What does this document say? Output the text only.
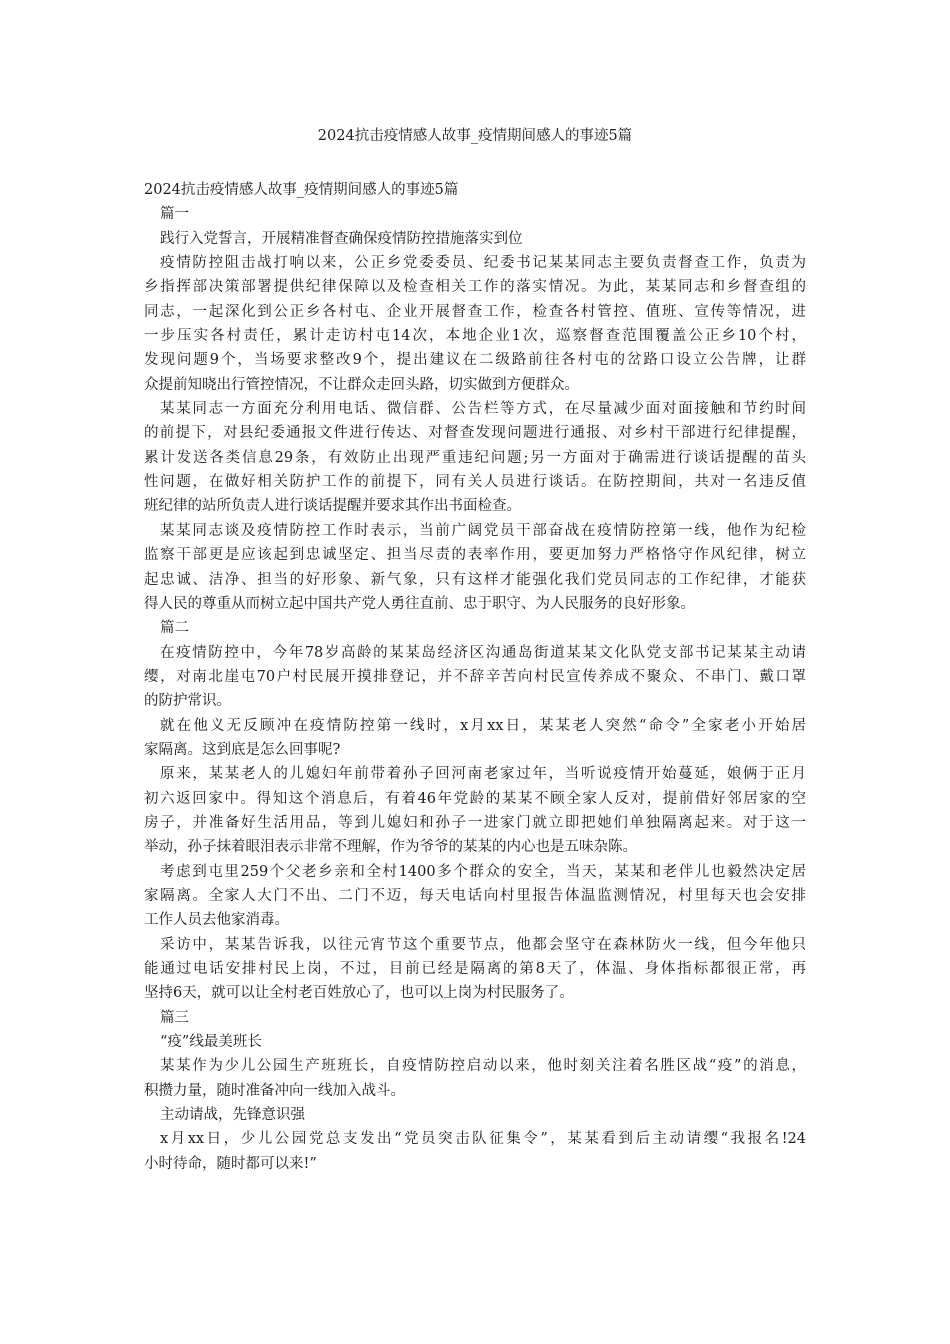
2024抗击疫情感人故事_疫情期间感人的事迹5篇
2024抗击疫情感人故事_疫情期间感人的事迹5篇
篇一
践行入党誓言，开展精准督查确保疫情防控措施落实到位
疫情防控阻击战打响以来，公正乡党委委员、纪委书记某某同志主要负责督查工作，负责为
乡指挥部决策部署提供纪律保障以及检查相关工作的落实情况。为此，某某同志和乡督查组的
同志，一起深化到公正乡各村屯、企业开展督查工作，检查各村管控、值班、宣传等情况，进
一步压实各村责任，累计走访村屯14次，本地企业1次，巡察督查范围覆盖公正乡10个村，
发现问题9个，当场要求整改9个，提出建议在二级路前往各村屯的岔路口设立公告牌，让群
众提前知晓出行管控情况，不让群众走回头路，切实做到方便群众。
某某同志一方面充分利用电话、微信群、公告栏等方式，在尽量减少面对面接触和节约时间
的前提下，对县纪委通报文件进行传达、对督查发现问题进行通报、对乡村干部进行纪律提醒，
累计发送各类信息29条，有效防止出现严重违纪问题;另一方面对于确需进行谈话提醒的苗头
性问题，在做好相关防护工作的前提下，同有关人员进行谈话。在防控期间，共对一名违反值
班纪律的站所负责人进行谈话提醒并要求其作出书面检查。
某某同志谈及疫情防控工作时表示，当前广阔党员干部奋战在疫情防控第一线，他作为纪检
监察干部更是应该起到忠诚坚定、担当尽责的表率作用，要更加努力严格恪守作风纪律，树立
起忠诚、洁净、担当的好形象、新气象，只有这样才能强化我们党员同志的工作纪律，才能获
得人民的尊重从而树立起中国共产党人勇往直前、忠于职守、为人民服务的良好形象。
篇二
在疫情防控中，今年78岁高龄的某某岛经济区沟通岛街道某某文化队党支部书记某某主动请
缨，对南北崖屯70户村民展开摸排登记，并不辞辛苦向村民宣传养成不聚众、不串门、戴口罩
的防护常识。
就在他义无反顾冲在疫情防控第一线时，x月xx日，某某老人突然“命令”全家老小开始居
家隔离。这到底是怎么回事呢?
原来，某某老人的儿媳妇年前带着孙子回河南老家过年，当听说疫情开始蔓延，娘俩于正月
初六返回家中。得知这个消息后，有着46年党龄的某某不顾全家人反对，提前借好邻居家的空
房子，并准备好生活用品，等到儿媳妇和孙子一进家门就立即把她们单独隔离起来。对于这一
举动，孙子抹着眼泪表示非常不理解，作为爷爷的某某的内心也是五味杂陈。
考虑到屯里259个父老乡亲和全村1400多个群众的安全，当天，某某和老伴儿也毅然决定居
家隔离。全家人大门不出、二门不迈，每天电话向村里报告体温监测情况，村里每天也会安排
工作人员去他家消毒。
采访中，某某告诉我，以往元宵节这个重要节点，他都会坚守在森林防火一线，但今年他只
能通过电话安排村民上岗，不过，目前已经是隔离的第8天了，体温、身体指标都很正常，再
坚持6天，就可以让全村老百姓放心了，也可以上岗为村民服务了。
篇三
“疫”线最美班长
某某作为少儿公园生产班班长，自疫情防控启动以来，他时刻关注着名胜区战“疫”的消息，
积攒力量，随时准备冲向一线加入战斗。
主动请战，先锋意识强
x月xx日，少儿公园党总支发出“党员突击队征集令”，某某看到后主动请缨“我报名!24
小时待命，随时都可以来!”
